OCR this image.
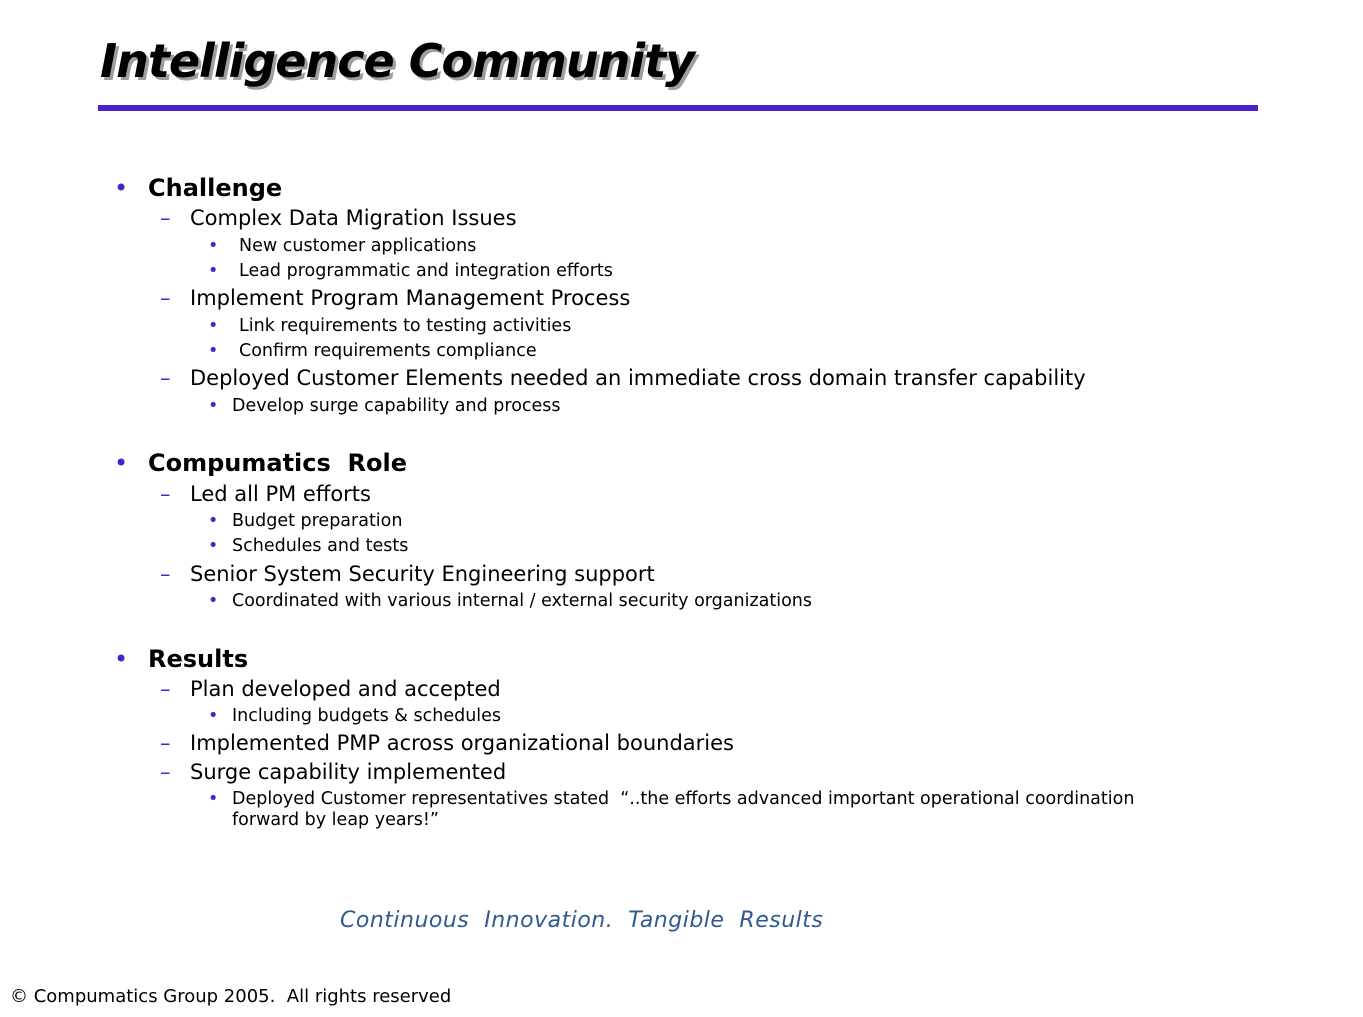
Intelligence Community
• Challenge
– Complex Data Migration Issues
• New customer applications
• Lead programmatic and integration efforts
– Implement Program Management Process
• Link requirements to testing activities
• Confirm requirements compliance
– Deployed Customer Elements needed an immediate cross domain transfer capability
• Develop surge capability and process
• Compumatics  Role
– Led all PM efforts
• Budget preparation
• Schedules and tests
– Senior System Security Engineering support
• Coordinated with various internal / external security organizations
• Results
– Plan developed and accepted
• Including budgets & schedules
– Implemented PMP across organizational boundaries
– Surge capability implemented
• Deployed Customer representatives stated  “..the efforts advanced important operational coordination forward by leap years!”
Continuous  Innovation.  Tangible  Results
© Compumatics Group 2005.  All rights reserved
